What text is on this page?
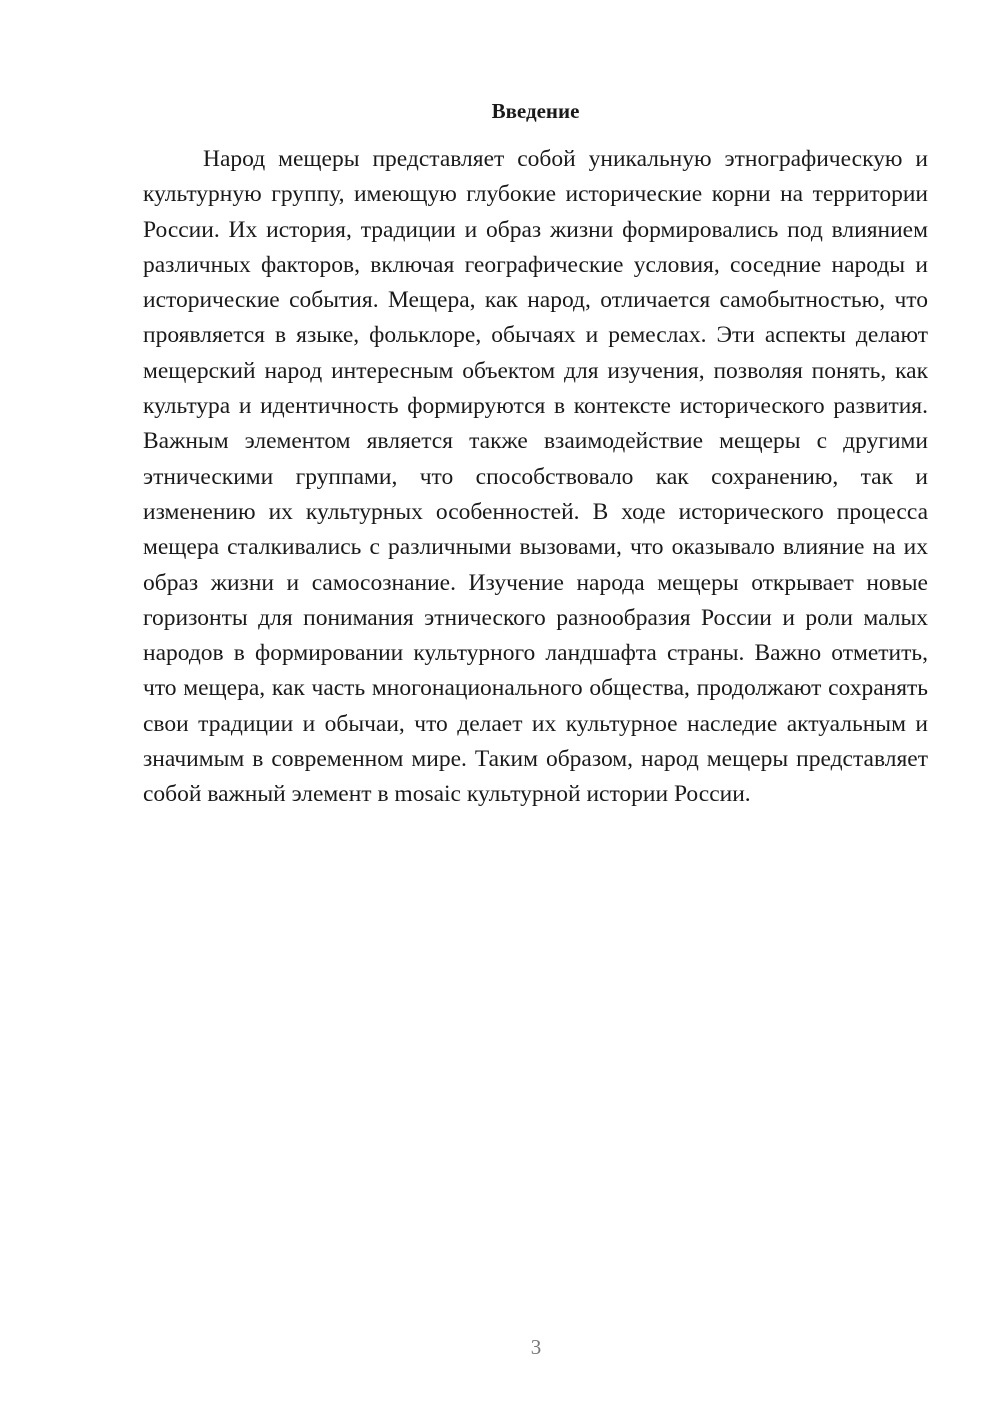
Введение

Народ мещеры представляет собой уникальную этнографическую и культурную группу, имеющую глубокие исторические корни на территории России. Их история, традиции и образ жизни формировались под влиянием различных факторов, включая географические условия, соседние народы и исторические события. Мещера, как народ, отличается самобытностью, что проявляется в языке, фольклоре, обычаях и ремеслах. Эти аспекты делают мещерский народ интересным объектом для изучения, позволяя понять, как культура и идентичность формируются в контексте исторического развития. Важным элементом является также взаимодействие мещеры с другими этническими группами, что способствовало как сохранению, так и изменению их культурных особенностей. В ходе исторического процесса мещера сталкивались с различными вызовами, что оказывало влияние на их образ жизни и самосознание. Изучение народа мещеры открывает новые горизонты для понимания этнического разнообразия России и роли малых народов в формировании культурного ландшафта страны. Важно отметить, что мещера, как часть многонационального общества, продолжают сохранять свои традиции и обычаи, что делает их культурное наследие актуальным и значимым в современном мире. Таким образом, народ мещеры представляет собой важный элемент в mosaic культурной истории России.

3
